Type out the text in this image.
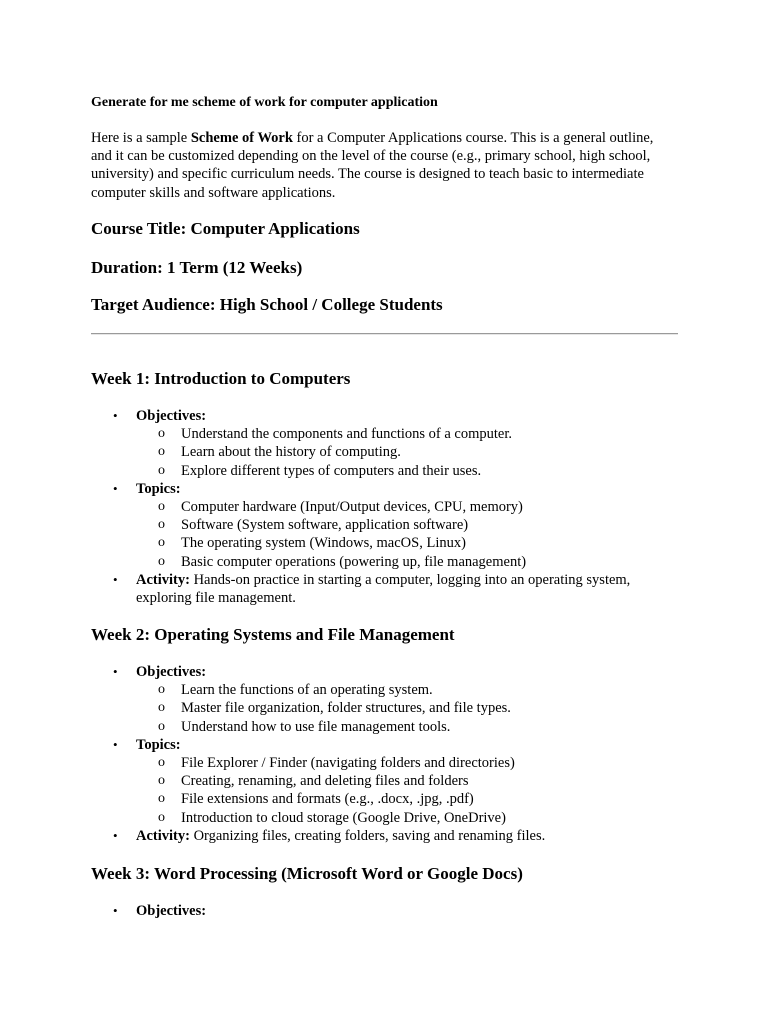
Generate for me scheme of work for computer application
Here is a sample Scheme of Work for a Computer Applications course. This is a general outline,
and it can be customized depending on the level of the course (e.g., primary school, high school,
university) and specific curriculum needs. The course is designed to teach basic to intermediate
computer skills and software applications.
Course Title: Computer Applications
Duration: 1 Term (12 Weeks)
Target Audience: High School / College Students
Week 1: Introduction to Computers
• Objectives:
o Understand the components and functions of a computer.
o Learn about the history of computing.
o Explore different types of computers and their uses.
• Topics:
o Computer hardware (Input/Output devices, CPU, memory)
o Software (System software, application software)
o The operating system (Windows, macOS, Linux)
o Basic computer operations (powering up, file management)
• Activity: Hands-on practice in starting a computer, logging into an operating system,
exploring file management.
Week 2: Operating Systems and File Management
• Objectives:
o Learn the functions of an operating system.
o Master file organization, folder structures, and file types.
o Understand how to use file management tools.
• Topics:
o File Explorer / Finder (navigating folders and directories)
o Creating, renaming, and deleting files and folders
o File extensions and formats (e.g., .docx, .jpg, .pdf)
o Introduction to cloud storage (Google Drive, OneDrive)
• Activity: Organizing files, creating folders, saving and renaming files.
Week 3: Word Processing (Microsoft Word or Google Docs)
• Objectives:
